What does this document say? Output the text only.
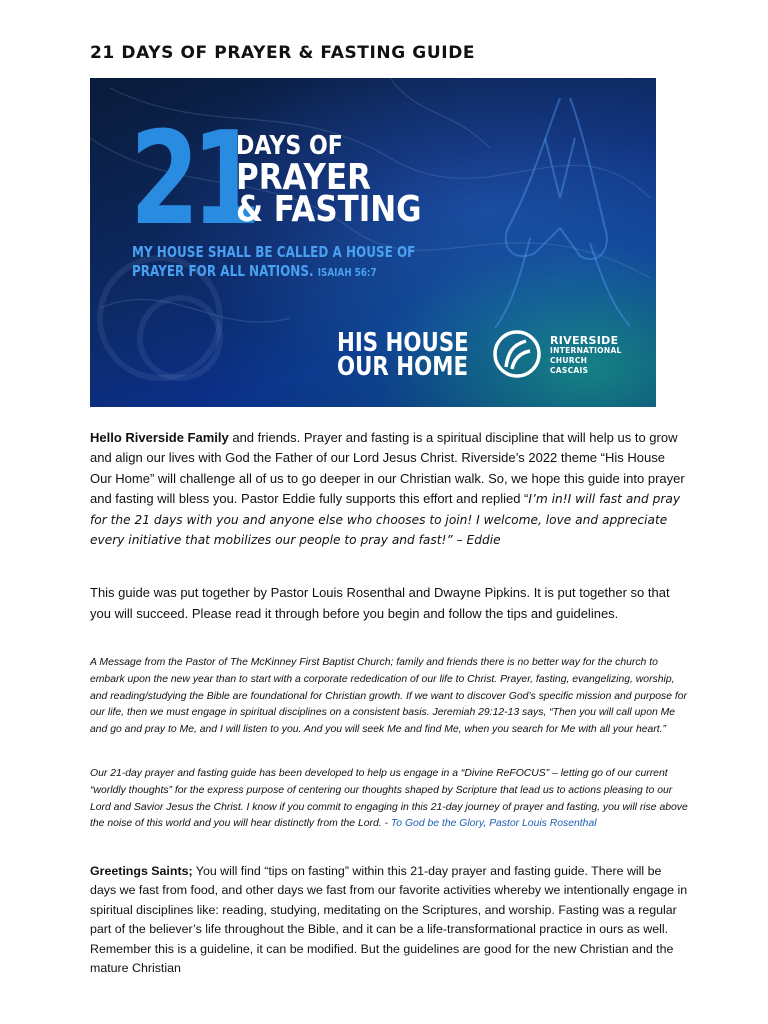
21 DAYS OF PRAYER & FASTING GUIDE
21
DAYS OF
PRAYER
& FASTING
MY HOUSE SHALL BE CALLED A HOUSE OF
PRAYER FOR ALL NATIONS. ISAIAH 56:7
HIS HOUSE
OUR HOME
RIVERSIDE
INTERNATIONAL
CHURCH
CASCAIS
Hello Riverside Family and friends. Prayer and fasting is a spiritual discipline that will help us to grow and align our lives with God the Father of our Lord Jesus Christ. Riverside’s 2022 theme “His House Our Home” will challenge all of us to go deeper in our Christian walk. So, we hope this guide into prayer and fasting will bless you. Pastor Eddie fully supports this effort and replied “I’m in!I will fast and pray for the 21 days with you and anyone else who chooses to join! I welcome, love and appreciate every initiative that mobilizes our people to pray and fast!” – Eddie
This guide was put together by Pastor Louis Rosenthal and Dwayne Pipkins. It is put together so that you will succeed. Please read it through before you begin and follow the tips and guidelines.
A Message from the Pastor of The McKinney First Baptist Church; family and friends there is no better way for the church to embark upon the new year than to start with a corporate rededication of our life to Christ. Prayer, fasting, evangelizing, worship, and reading/studying the Bible are foundational for Christian growth. If we want to discover God’s specific mission and purpose for our life, then we must engage in spiritual disciplines on a consistent basis. Jeremiah 29:12-13 says, “Then you will call upon Me and go and pray to Me, and I will listen to you. And you will seek Me and find Me, when you search for Me with all your heart.”
Our 21-day prayer and fasting guide has been developed to help us engage in a “Divine ReFOCUS” – letting go of our current “worldly thoughts” for the express purpose of centering our thoughts shaped by Scripture that lead us to actions pleasing to our Lord and Savior Jesus the Christ. I know if you commit to engaging in this 21-day journey of prayer and fasting, you will rise above the noise of this world and you will hear distinctly from the Lord. - To God be the Glory, Pastor Louis Rosenthal
Greetings Saints; You will find “tips on fasting” within this 21-day prayer and fasting guide. There will be days we fast from food, and other days we fast from our favorite activities whereby we intentionally engage in spiritual disciplines like: reading, studying, meditating on the Scriptures, and worship. Fasting was a regular part of the believer’s life throughout the Bible, and it can be a life-transformational practice in ours as well. Remember this is a guideline, it can be modified. But the guidelines are good for the new Christian and the mature Christian
